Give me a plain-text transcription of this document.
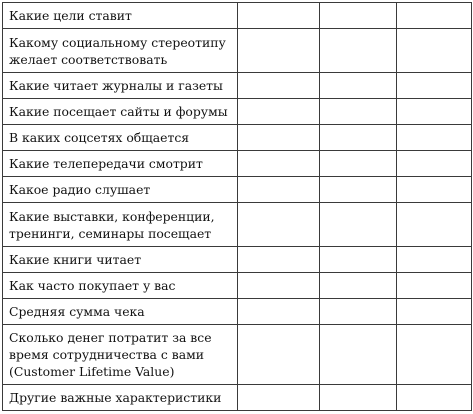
Какие цели ставит			
Какому социальному стереотипу желает соответствовать			
Какие читает журналы и газеты			
Какие посещает сайты и форумы			
В каких соцсетях общается			
Какие телепередачи смотрит			
Какое радио слушает			
Какие выставки, конференции, тренинги, семинары посещает			
Какие книги читает			
Как часто покупает у вас			
Средняя сумма чека			
Сколько денег потратит за все время сотрудничества с вами (Customer Lifetime Value)			
Другие важные характеристики			
